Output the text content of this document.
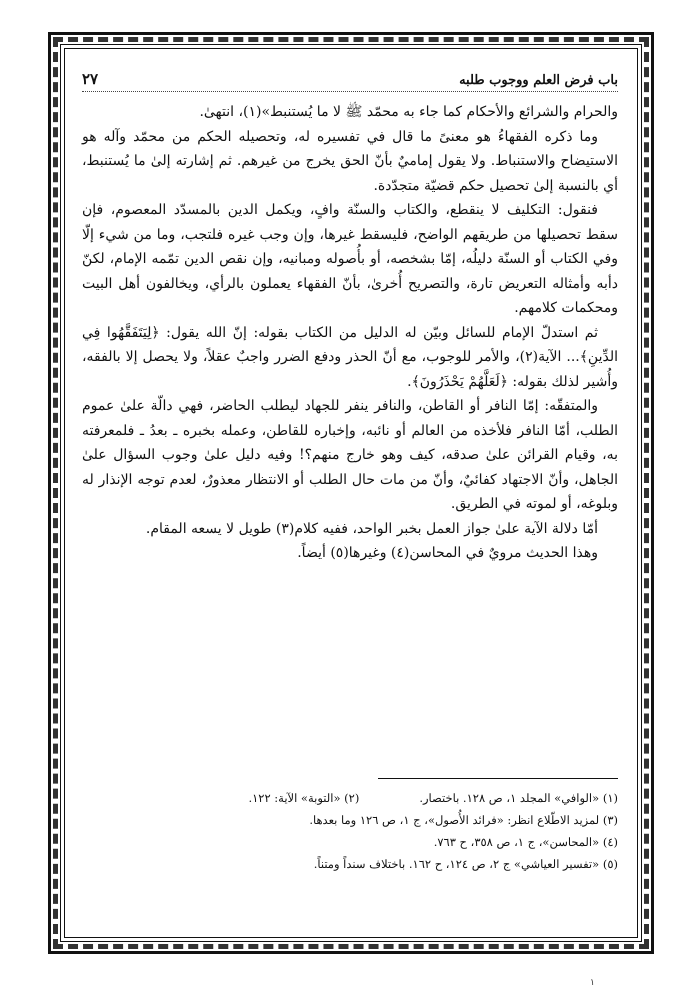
باب فرض العلم ووجوب طلبه
٢٧

والحرام والشرائع والأحكام كما جاء به محمّد ﷺ لا ما يُستنبط»(١)، انتهىٰ.

وما ذكره الفقهاءُ هو معنىً ما قال في تفسيره له، وتحصيله الحكم من محمّد وآله هو الاستيضاح والاستنباط. ولا يقول إماميٌ بأنّ الحق يخرج من غيرهم. ثم إشارته إلىٰ ما يُستنبط، أي بالنسبة إلىٰ تحصيل حكم قضيّة متجدّدة.

فنقول: التكليف لا ينقطع، والكتاب والسنّة وافٍ، ويكمل الدين بالمسدّد المعصوم، فإن سقط تحصيلها من طريقهم الواضح، فليسقط غيرها، وإن وجب غيره فلتجب، وما من شيء إلّا وفي الكتاب أو السنّة دليلُه، إمّا بشخصه، أو بأُصوله ومبانيه، وإن نقص الدين تمّمه الإمام، لكنّ دأبه وأمثاله التعريض تارة، والتصريح أُخرىٰ، بأنّ الفقهاء يعملون بالرأي، ويخالفون أهل البيت ومحكمات كلامهم.

ثم استدلّ الإمام للسائل وبيّن له الدليل من الكتاب بقوله: إنّ الله يقول: ﴿لِيَتَفَقَّهُوا فِي الدِّينِ﴾... الآية(٢)، والأمر للوجوب، مع أنّ الحذر ودفع الضرر واجبٌ عقلاً، ولا يحصل إلا بالفقه، وأُشير لذلك بقوله: ﴿لَعَلَّهُمْ يَحْذَرُونَ﴾.

والمتفقّه: إمّا النافر أو القاطن، والنافر ينفر للجهاد ليطلب الحاضر، فهي دالّة علىٰ عموم الطلب، أمّا النافر فلأخذه من العالم أو نائبه، وإخباره للقاطن، وعمله بخبره ـ بعدُ ـ فلمعرفته به، وقيام القرائن علىٰ صدقه، كيف وهو خارج منهم؟! وفيه دليل علىٰ وجوب السؤال علىٰ الجاهل، وأنّ الاجتهاد كفائيٌ، وأنّ من مات حال الطلب أو الانتظار معذورٌ، لعدم توجه الإنذار له وبلوغه، أو لموته في الطريق.

أمّا دلالة الآية علىٰ جواز العمل بخبر الواحد، ففيه كلام(٣) طويل لا يسعه المقام.

وهذا الحديث مرويٌ في المحاسن(٤) وغيرها(٥) أيضاً.

(١) «الوافي» المجلد ١، ص ١٢٨. باختصار.

(٢) «التوبة» الآية: ١٢٢.

(٣) لمزيد الاطّلاع انظر: «فرائد الأُصول»، ج ١، ص ١٢٦ وما بعدها.

(٤) «المحاسن»، ج ١، ص ٣٥٨، ح ٧٦٣.

(٥) «تفسير العياشي» ج ٢، ص ١٢٤، ح ١٦٢. باختلاف سنداً ومتناً.

١
